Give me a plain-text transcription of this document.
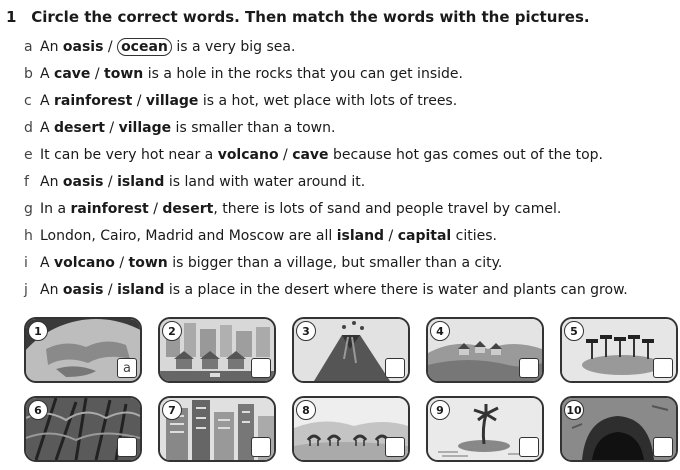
1 Circle the correct words. Then match the words with the pictures.
a An oasis / ocean is a very big sea.
b A cave / town is a hole in the rocks that you can get inside.
c A rainforest / village is a hot, wet place with lots of trees.
d A desert / village is smaller than a town.
e It can be very hot near a volcano / cave because hot gas comes out of the top.
f An oasis / island is land with water around it.
g In a rainforest / desert, there is lots of sand and people travel by camel.
h London, Cairo, Madrid and Moscow are all island / capital cities.
i A volcano / town is bigger than a village, but smaller than a city.
j An oasis / island is a place in the desert where there is water and plants can grow.
1
a
2	3	4	5
6	7	8	9	10
